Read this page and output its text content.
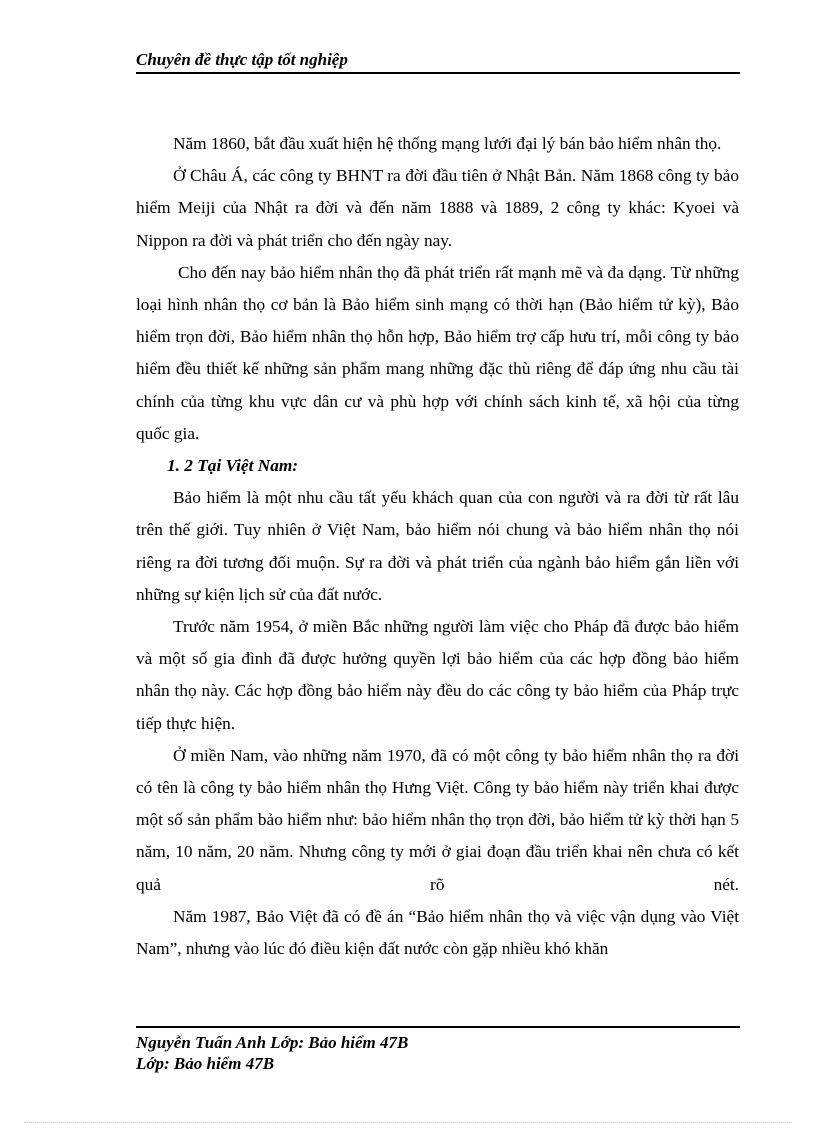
Chuyên đề thực tập tốt nghiệp

Năm 1860, bắt đầu xuất hiện hệ thống mạng lưới đại lý bán bảo hiểm nhân thọ.

Ở Châu Á, các công ty BHNT ra đời đầu tiên ở Nhật Bản. Năm 1868 công ty bảo hiểm Meiji của Nhật ra đời và đến năm 1888 và 1889, 2 công ty khác: Kyoei và Nippon ra đời và phát triển cho đến ngày nay.

Cho đến nay bảo hiểm nhân thọ đã phát triển rất mạnh mẽ và đa dạng. Từ những loại hình nhân thọ cơ bản là Bảo hiểm sinh mạng có thời hạn (Bảo hiểm tử kỳ), Bảo hiểm trọn đời, Bảo hiểm nhân thọ hỗn hợp, Bảo hiểm trợ cấp hưu trí, mỗi công ty bảo hiểm đều thiết kế những sản phẩm mang những đặc thù riêng để đáp ứng nhu cầu tài chính của từng khu vực dân cư và phù hợp với chính sách kinh tế, xã hội của từng quốc gia.

1. 2 Tại Việt Nam:

Bảo hiểm là một nhu cầu tất yếu khách quan của con người và ra đời từ rất lâu trên thế giới. Tuy nhiên ở Việt Nam, bảo hiểm nói chung và bảo hiểm nhân thọ nói riêng ra đời tương đối muộn. Sự ra đời và phát triển của ngành bảo hiểm gắn liền với những sự kiện lịch sử của đất nước.

Trước năm 1954, ở miền Bắc những người làm việc cho Pháp đã được bảo hiểm và một số gia đình đã được hưởng quyền lợi bảo hiểm của các hợp đồng bảo hiểm nhân thọ này. Các hợp đồng bảo hiểm này đều do các công ty bảo hiểm của Pháp trực tiếp thực hiện.

Ở miền Nam, vào những năm 1970, đã có một công ty bảo hiểm nhân thọ ra đời có tên là công ty bảo hiểm nhân thọ Hưng Việt. Công ty bảo hiểm này triển khai được một số sản phẩm bảo hiểm như: bảo hiểm nhân thọ trọn đời, bảo hiểm tử kỳ thời hạn 5 năm, 10 năm, 20 năm. Nhưng công ty mới ở giai đoạn đầu triển khai nên chưa có kết quả rõ nét.

Năm 1987, Bảo Việt đã có đề án “Bảo hiểm nhân thọ và việc vận dụng vào Việt Nam”, nhưng vào lúc đó điều kiện đất nước còn gặp nhiều khó khăn

Nguyễn Tuấn Anh Lớp: Bảo hiểm 47B
Lớp: Bảo hiểm 47B
